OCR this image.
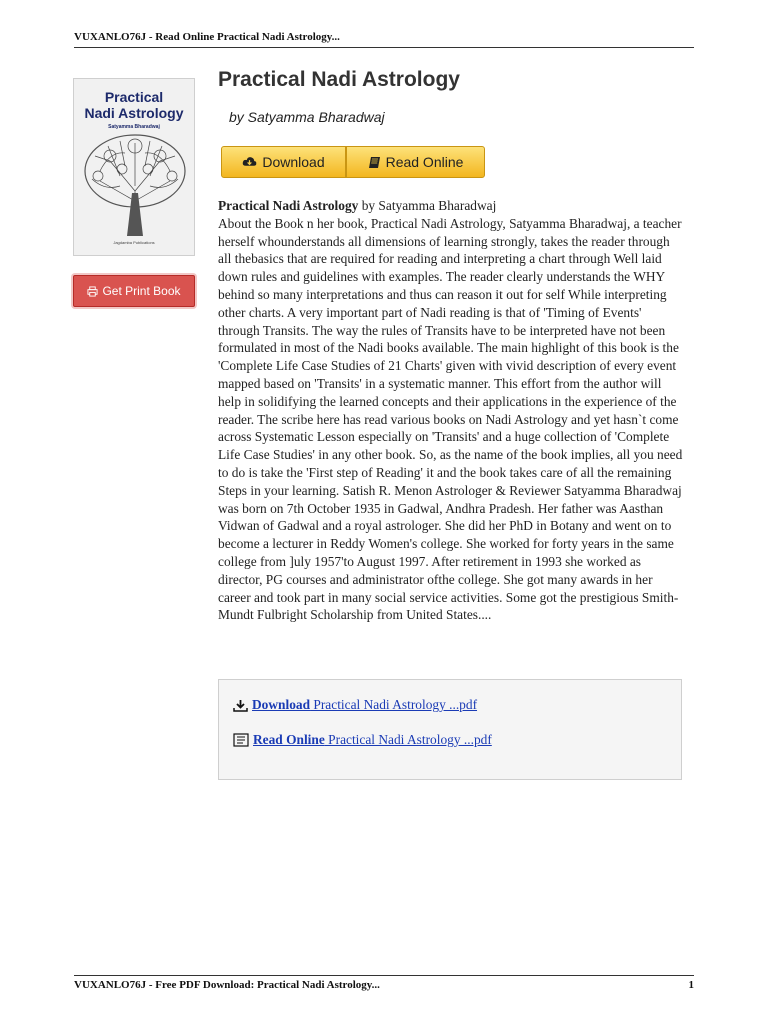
VUXANLO76J - Read Online Practical Nadi Astrology...
Practical
Nadi Astrology
Satyamma Bharadwaj
Jagdamba Publications
Get Print Book
Practical Nadi Astrology
by Satyamma Bharadwaj
Download	Read Online
Practical Nadi Astrology by Satyamma Bharadwaj
About the Book n her book, Practical Nadi Astrology, Satyamma Bharadwaj, a teacher herself whounderstands all dimensions of learning strongly, takes the reader through all thebasics that are required for reading and interpreting a chart through Well laid down rules and guidelines with examples. The reader clearly understands the WHY behind so many interpretations and thus can reason it out for self While interpreting other charts. A very important part of Nadi reading is that of 'Timing of Events' through Transits. The way the rules of Transits have to be interpreted have not been formulated in most of the Nadi books available. The main highlight of this book is the 'Complete Life Case Studies of 21 Charts' given with vivid description of every event mapped based on 'Transits' in a systematic manner. This effort from the author will help in solidifying the learned concepts and their applications in the experience of the reader. The scribe here has read various books on Nadi Astrology and yet hasn`t come across Systematic Lesson especially on 'Transits' and a huge collection of 'Complete Life Case Studies' in any other book. So, as the name of the book implies, all you need to do is take the 'First step of Reading' it and the book takes care of all the remaining Steps in your learning. Satish R. Menon Astrologer & Reviewer Satyamma Bharadwaj was born on 7th October 1935 in Gadwal, Andhra Pradesh. Her father was Aasthan Vidwan of Gadwal and a royal astrologer. She did her PhD in Botany and went on to become a lecturer in Reddy Women's college. She worked for forty years in the same college from ]uly 1957'to August 1997. After retirement in 1993 she worked as director, PG courses and administrator ofthe college. She got many awards in her career and took part in many social service activities. Some got the prestigious Smith-Mundt Fulbright Scholarship from United States....
Download Practical Nadi Astrology ...pdf
Read Online Practical Nadi Astrology ...pdf
VUXANLO76J - Free PDF Download: Practical Nadi Astrology...	1
